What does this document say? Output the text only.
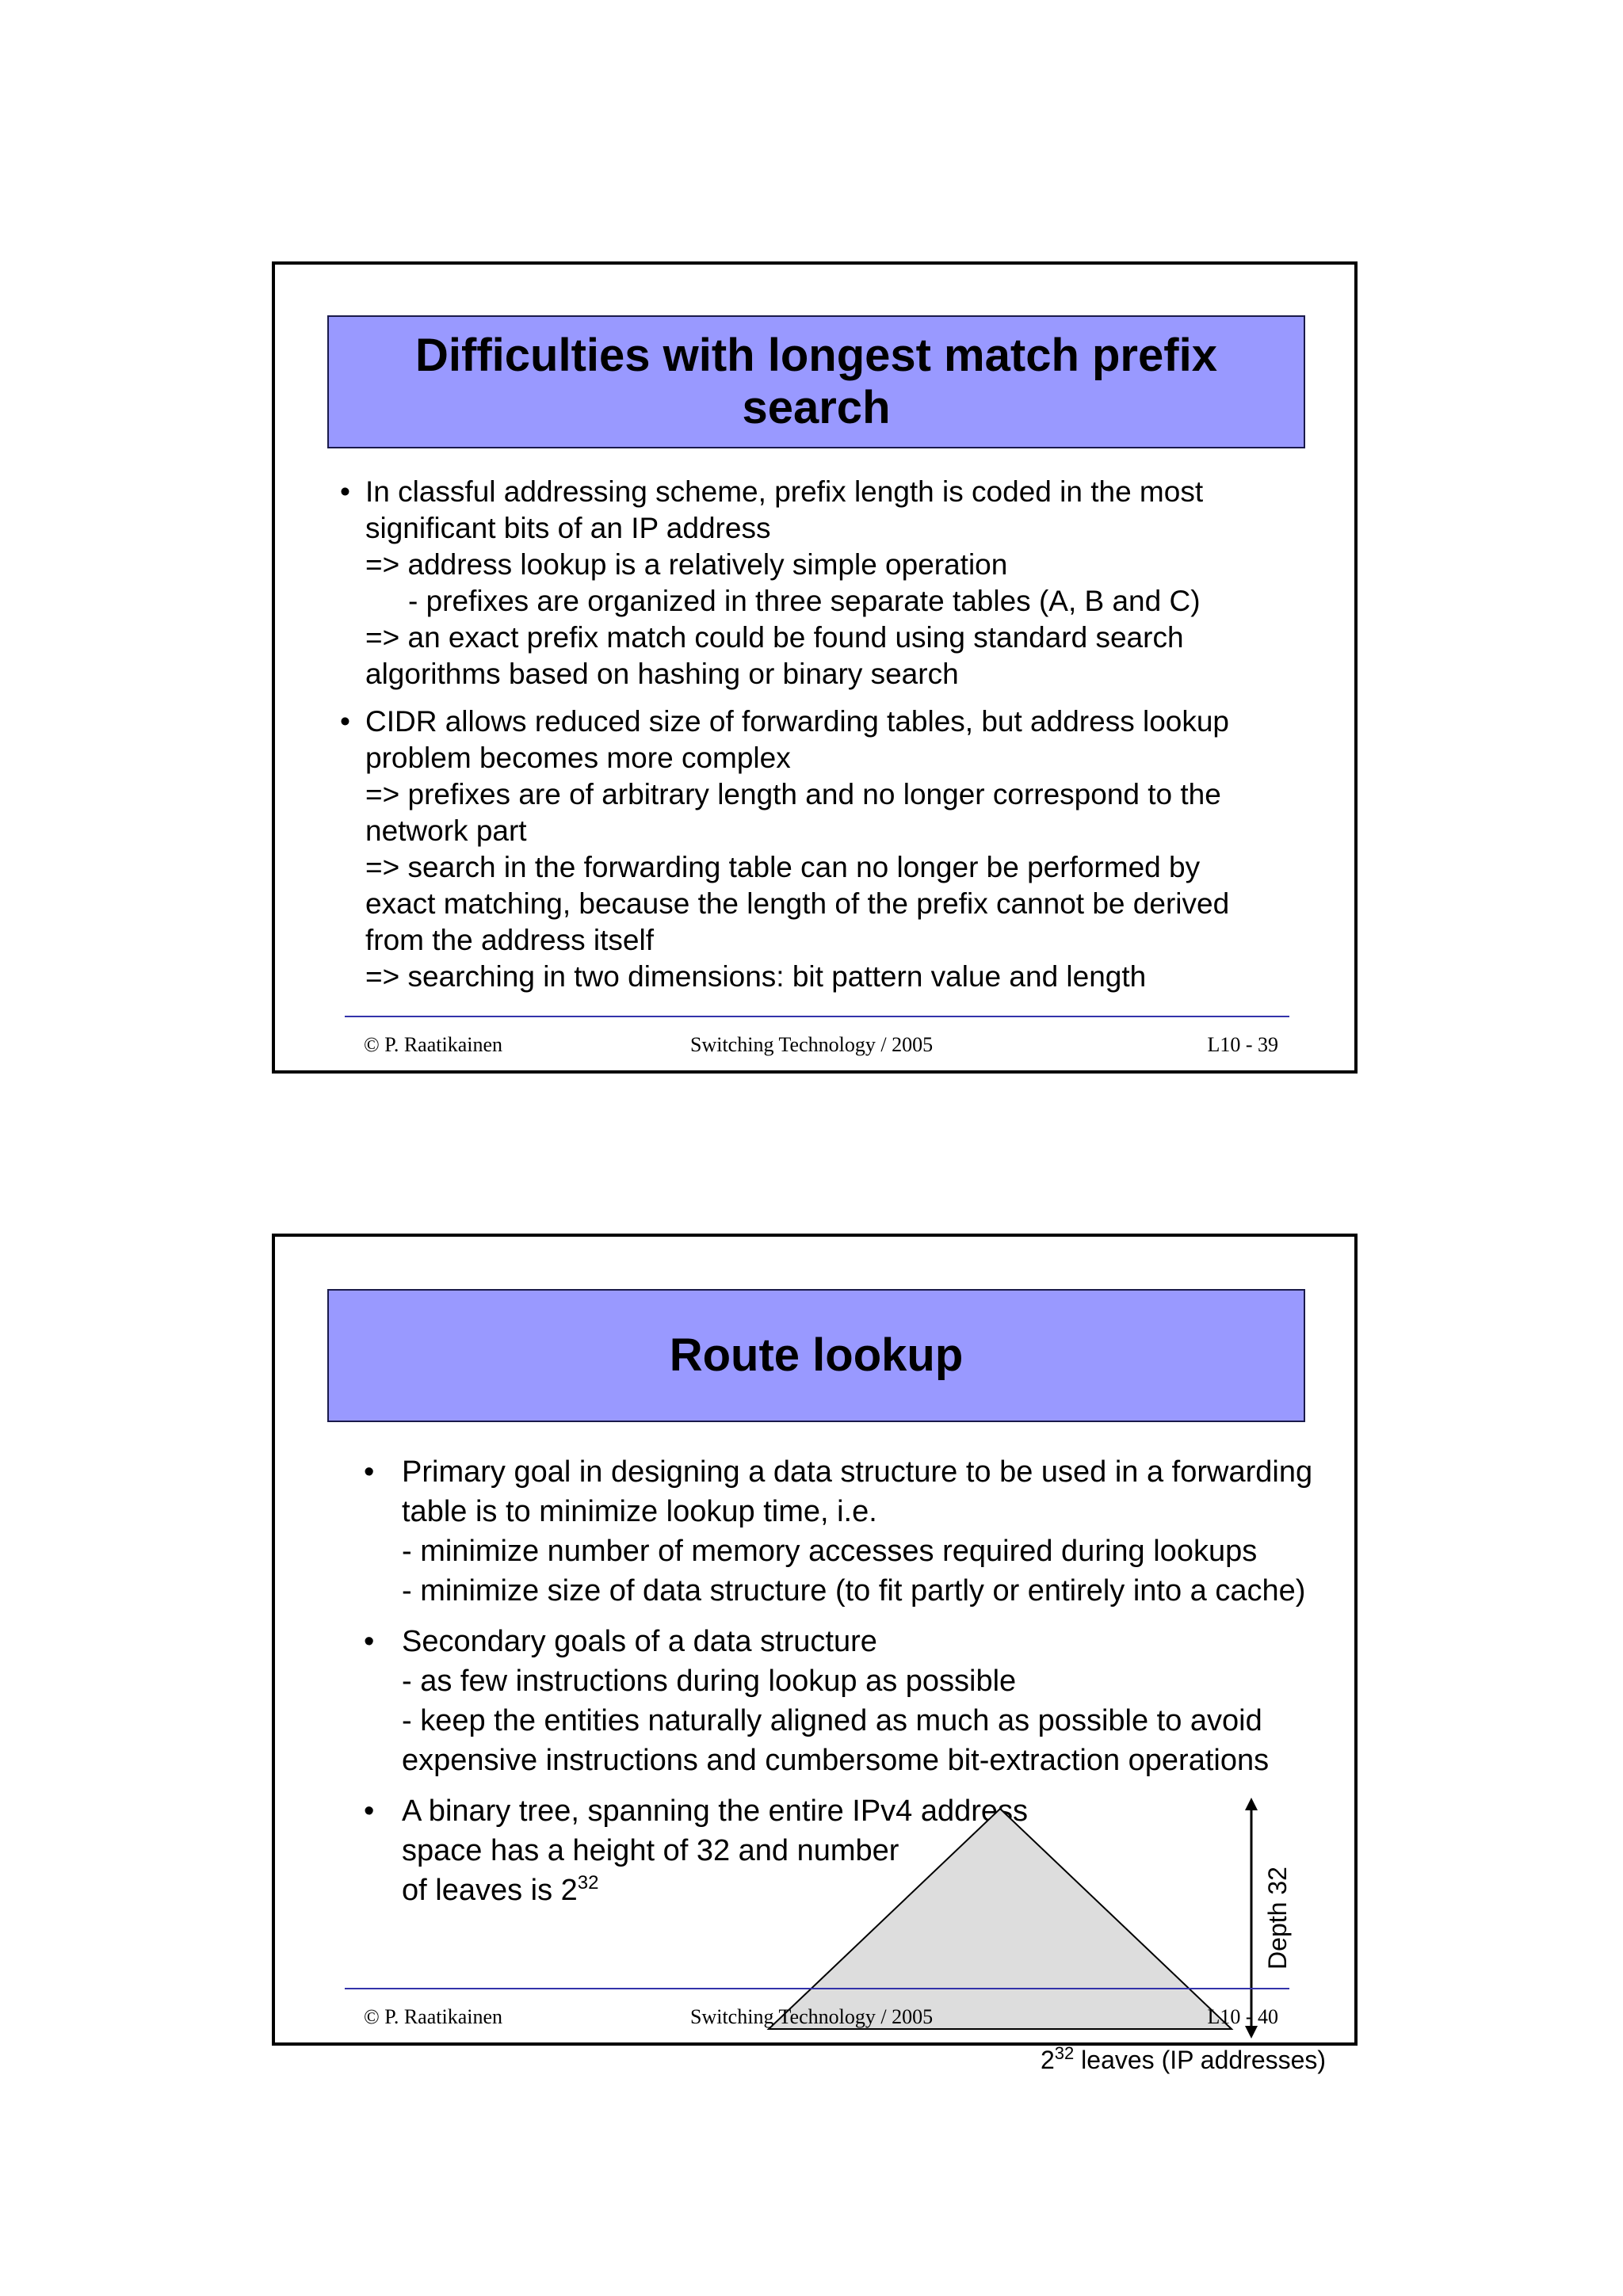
Difficulties with longest match prefix
search
• In classful addressing scheme, prefix length is coded in the most
significant bits of an IP address
=> address lookup is a relatively simple operation
- prefixes are organized in three separate tables (A, B and C)
=> an exact prefix match could be found using standard search
algorithms based on hashing or binary search
• CIDR allows reduced size of forwarding tables, but address lookup
problem becomes more complex
=> prefixes are of arbitrary length and no longer correspond to the
network part
=> search in the forwarding table can no longer be performed by
exact matching, because the length of the prefix cannot be derived
from the address itself
=> searching in two dimensions: bit pattern value and length
© P. Raatikainen	Switching Technology / 2005	L10 - 39
Route lookup
• Primary goal in designing a data structure to be used in a forwarding
table is to minimize lookup time, i.e.
- minimize number of memory accesses required during lookups
- minimize size of data structure (to fit partly or entirely into a cache)
• Secondary goals of a data structure
- as few instructions during lookup as possible
- keep the entities naturally aligned as much as possible to avoid
expensive instructions and cumbersome bit-extraction operations
• A binary tree, spanning the entire IPv4 address
space has a height of 32 and number
of leaves is $2^{32}$	Depth 32
$2^{32}$ leaves (IP addresses)
© P. Raatikainen	Switching Technology / 2005	L10 - 40
